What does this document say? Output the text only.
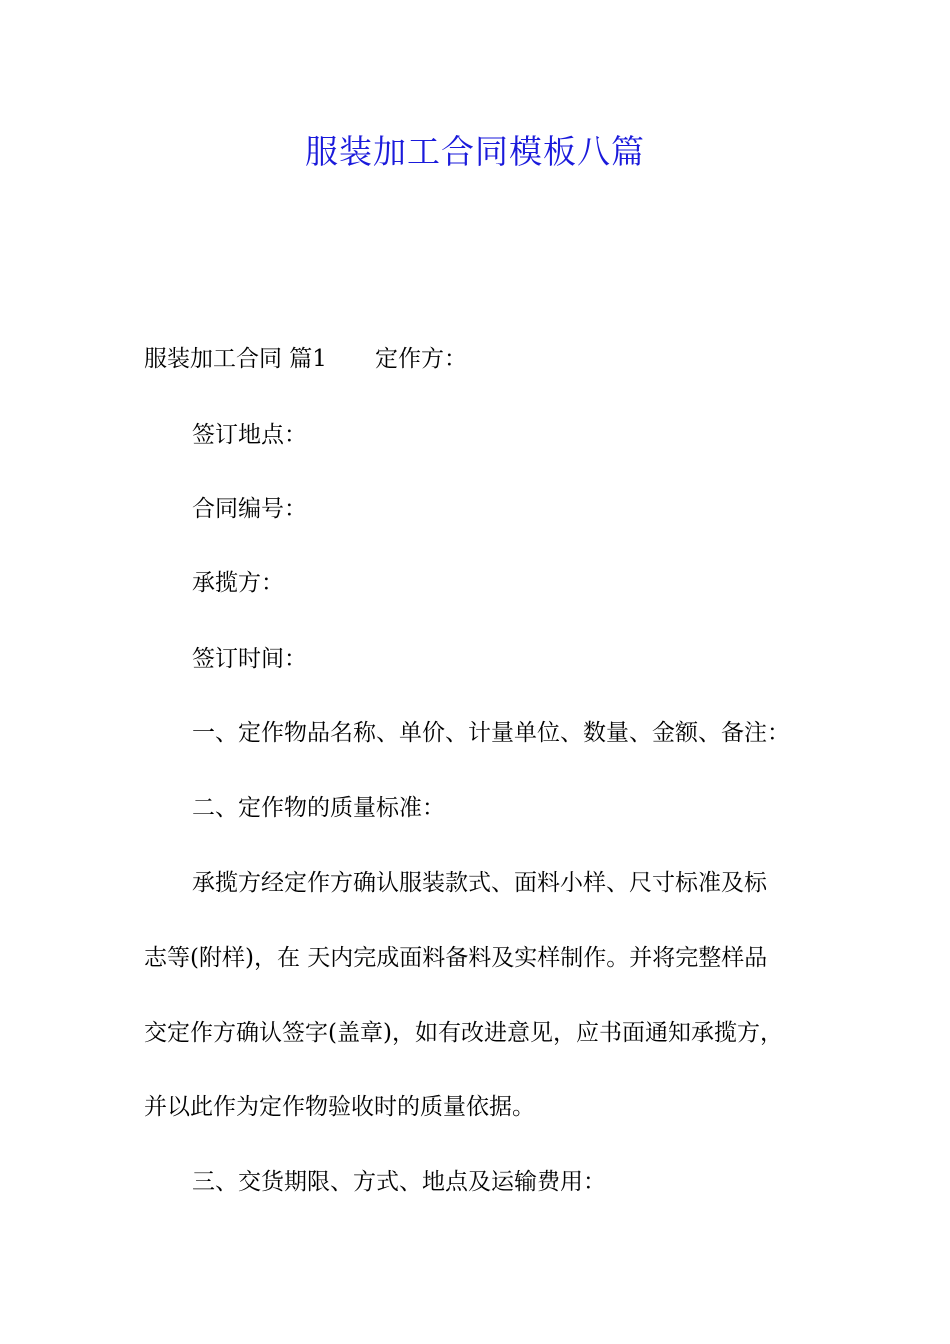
服装加工合同模板八篇

服装加工合同 篇1 定作方：

签订地点：

合同编号：

承揽方：

签订时间：

一、定作物品名称、单价、计量单位、数量、金额、备注：

二、定作物的质量标准：

承揽方经定作方确认服装款式、面料小样、尺寸标准及标

志等(附样)，在 天内完成面料备料及实样制作。并将完整样品

交定作方确认签字(盖章)，如有改进意见，应书面通知承揽方，

并以此作为定作物验收时的质量依据。

三、交货期限、方式、地点及运输费用：
